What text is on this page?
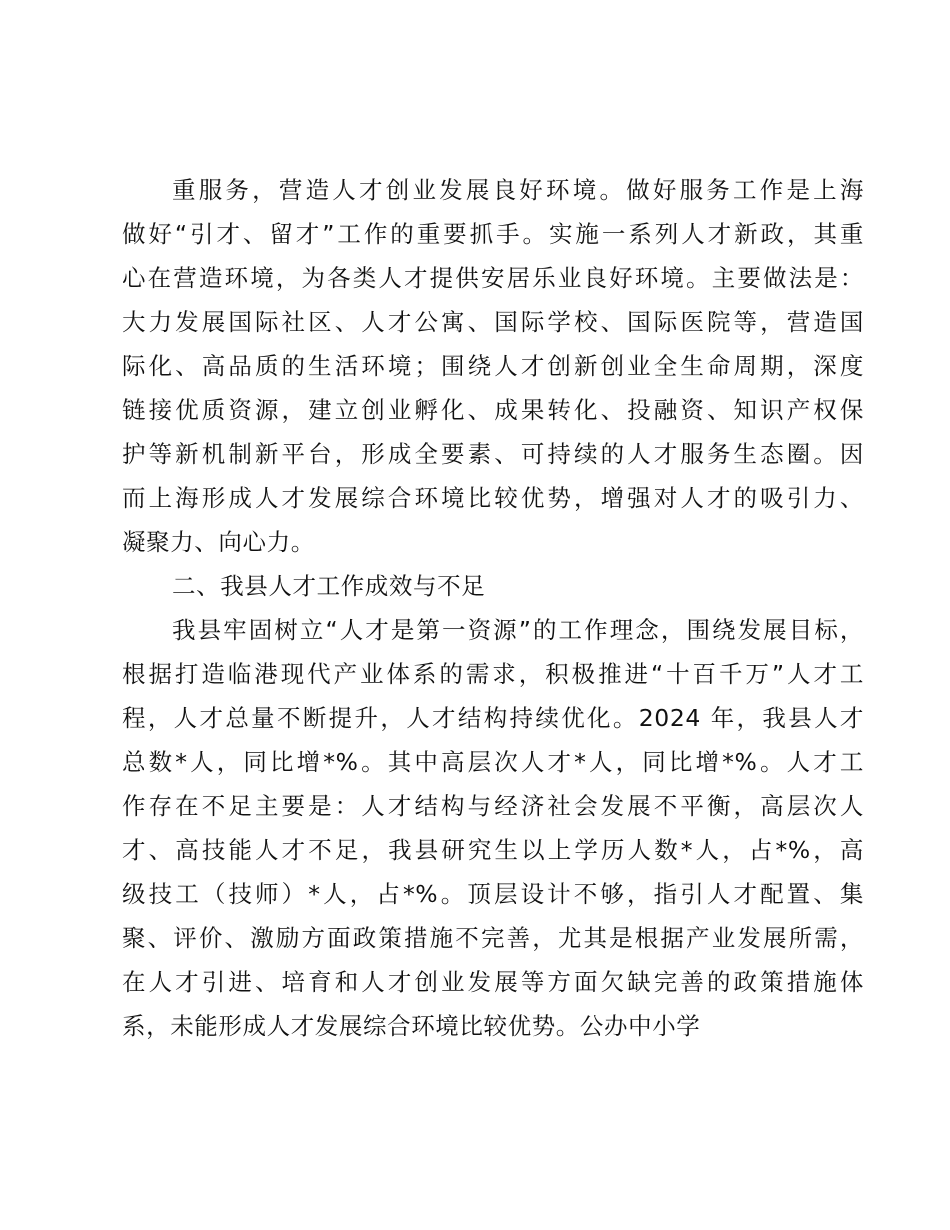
重服务，营造人才创业发展良好环境。做好服务工作是上海
做好“引才、留才”工作的重要抓手。实施一系列人才新政，其重
心在营造环境，为各类人才提供安居乐业良好环境。主要做法是：
大力发展国际社区、人才公寓、国际学校、国际医院等，营造国
际化、高品质的生活环境；围绕人才创新创业全生命周期，深度
链接优质资源，建立创业孵化、成果转化、投融资、知识产权保
护等新机制新平台，形成全要素、可持续的人才服务生态圈。因
而上海形成人才发展综合环境比较优势，增强对人才的吸引力、
凝聚力、向心力。
二、我县人才工作成效与不足
我县牢固树立“人才是第一资源”的工作理念，围绕发展目标，
根据打造临港现代产业体系的需求，积极推进“十百千万”人才工
程，人才总量不断提升，人才结构持续优化。2024 年，我县人才
总数*人，同比增*%。其中高层次人才*人，同比增*%。人才工
作存在不足主要是：人才结构与经济社会发展不平衡，高层次人
才、高技能人才不足，我县研究生以上学历人数*人，占*%，高
级技工（技师）*人，占*%。顶层设计不够，指引人才配置、集
聚、评价、激励方面政策措施不完善，尤其是根据产业发展所需，
在人才引进、培育和人才创业发展等方面欠缺完善的政策措施体
系，未能形成人才发展综合环境比较优势。公办中小学
